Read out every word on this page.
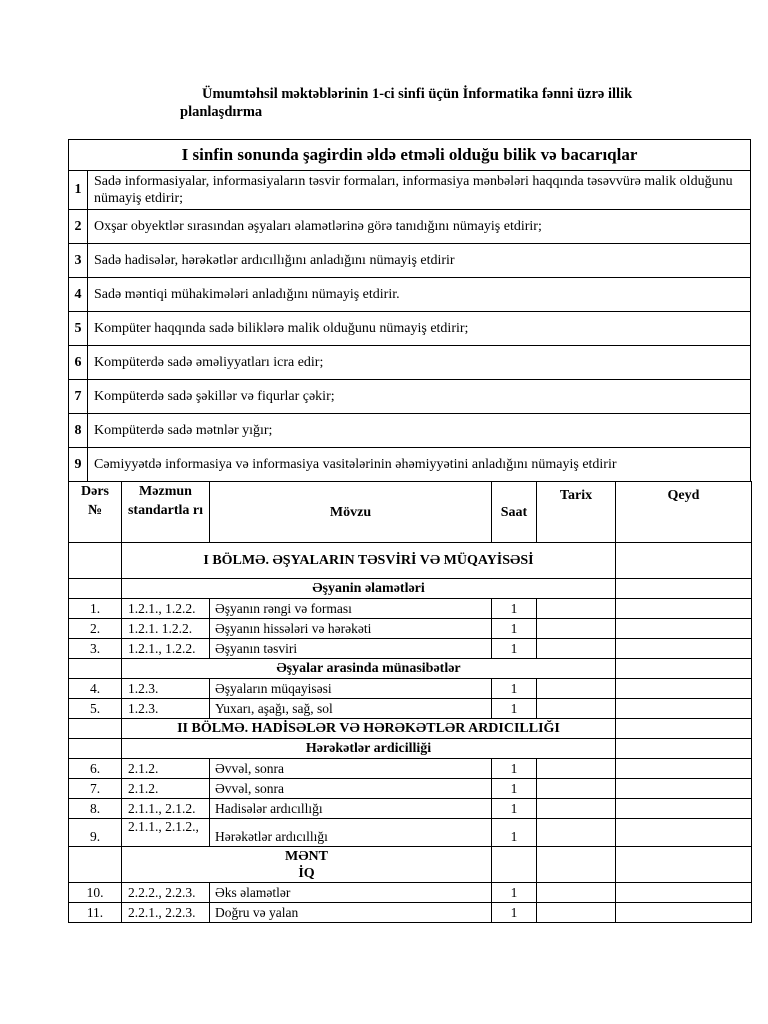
Ümumtəhsil məktəblərinin 1-ci sinfi üçün İnformatika fənni üzrə illik
planlaşdırma
I sinfin sonunda şagirdin əldə etməli olduğu bilik və bacarıqlar	
1	Sadə informasiyalar, informasiyaların təsvir formaları, informasiya mənbələri haqqında təsəvvürə malik olduğunu nümayiş etdirir;
2	Oxşar obyektlər sırasından əşyaları əlamətlərinə görə tanıdığını nümayiş etdirir;
3	Sadə hadisələr, hərəkətlər ardıcıllığını anladığını nümayiş etdirir
4	Sadə məntiqi mühakimələri anladığını nümayiş etdirir.
5	Kompüter haqqında sadə biliklərə malik olduğunu nümayiş etdirir;
6	Kompüterdə sadə əməliyyatları icra edir;
7	Kompüterdə sadə şəkillər və fiqurlar çəkir;
8	Kompüterdə sadə mətnlər yığır;
9	Cəmiyyətdə informasiya və informasiya vasitələrinin əhəmiyyətini anladığını nümayiş etdirir
Dərs
№	Məzmun standartla rı	Mövzu	Saat	Tarix	Qeyd
	I BÖLMƏ. ƏŞYALARIN TƏSVİRİ VƏ MÜQAYİSƏSİ				
	Əşyanin əlamətləri				
1.	1.2.1., 1.2.2.	Əşyanın rəngi və forması	1		
2.	1.2.1. 1.2.2.	Əşyanın hissələri və hərəkəti	1		
3.	1.2.1., 1.2.2.	Əşyanın təsviri	1		
	Əşyalar arasinda münasibətlər				
4.	1.2.3.	Əşyaların müqayisəsi	1		
5.	1.2.3.	Yuxarı, aşağı, sağ, sol	1		
	II BÖLMƏ. HADİSƏLƏR VƏ HƏRƏKƏTLƏR ARDICILLIĞI				
	Hərəkətlər ardicilliği				
6.	2.1.2.	Əvvəl, sonra	1		
7.	2.1.2.	Əvvəl, sonra	1		
8.	2.1.1., 2.1.2.	Hadisələr ardıcıllığı	1		
9.	2.1.1., 2.1.2.,	Hərəkətlər ardıcıllığı	1		

	MƏNT
İQ				

10.	2.2.2., 2.2.3.	Əks əlamətlər	1		
11.	2.2.1., 2.2.3.	Doğru və yalan	1		
